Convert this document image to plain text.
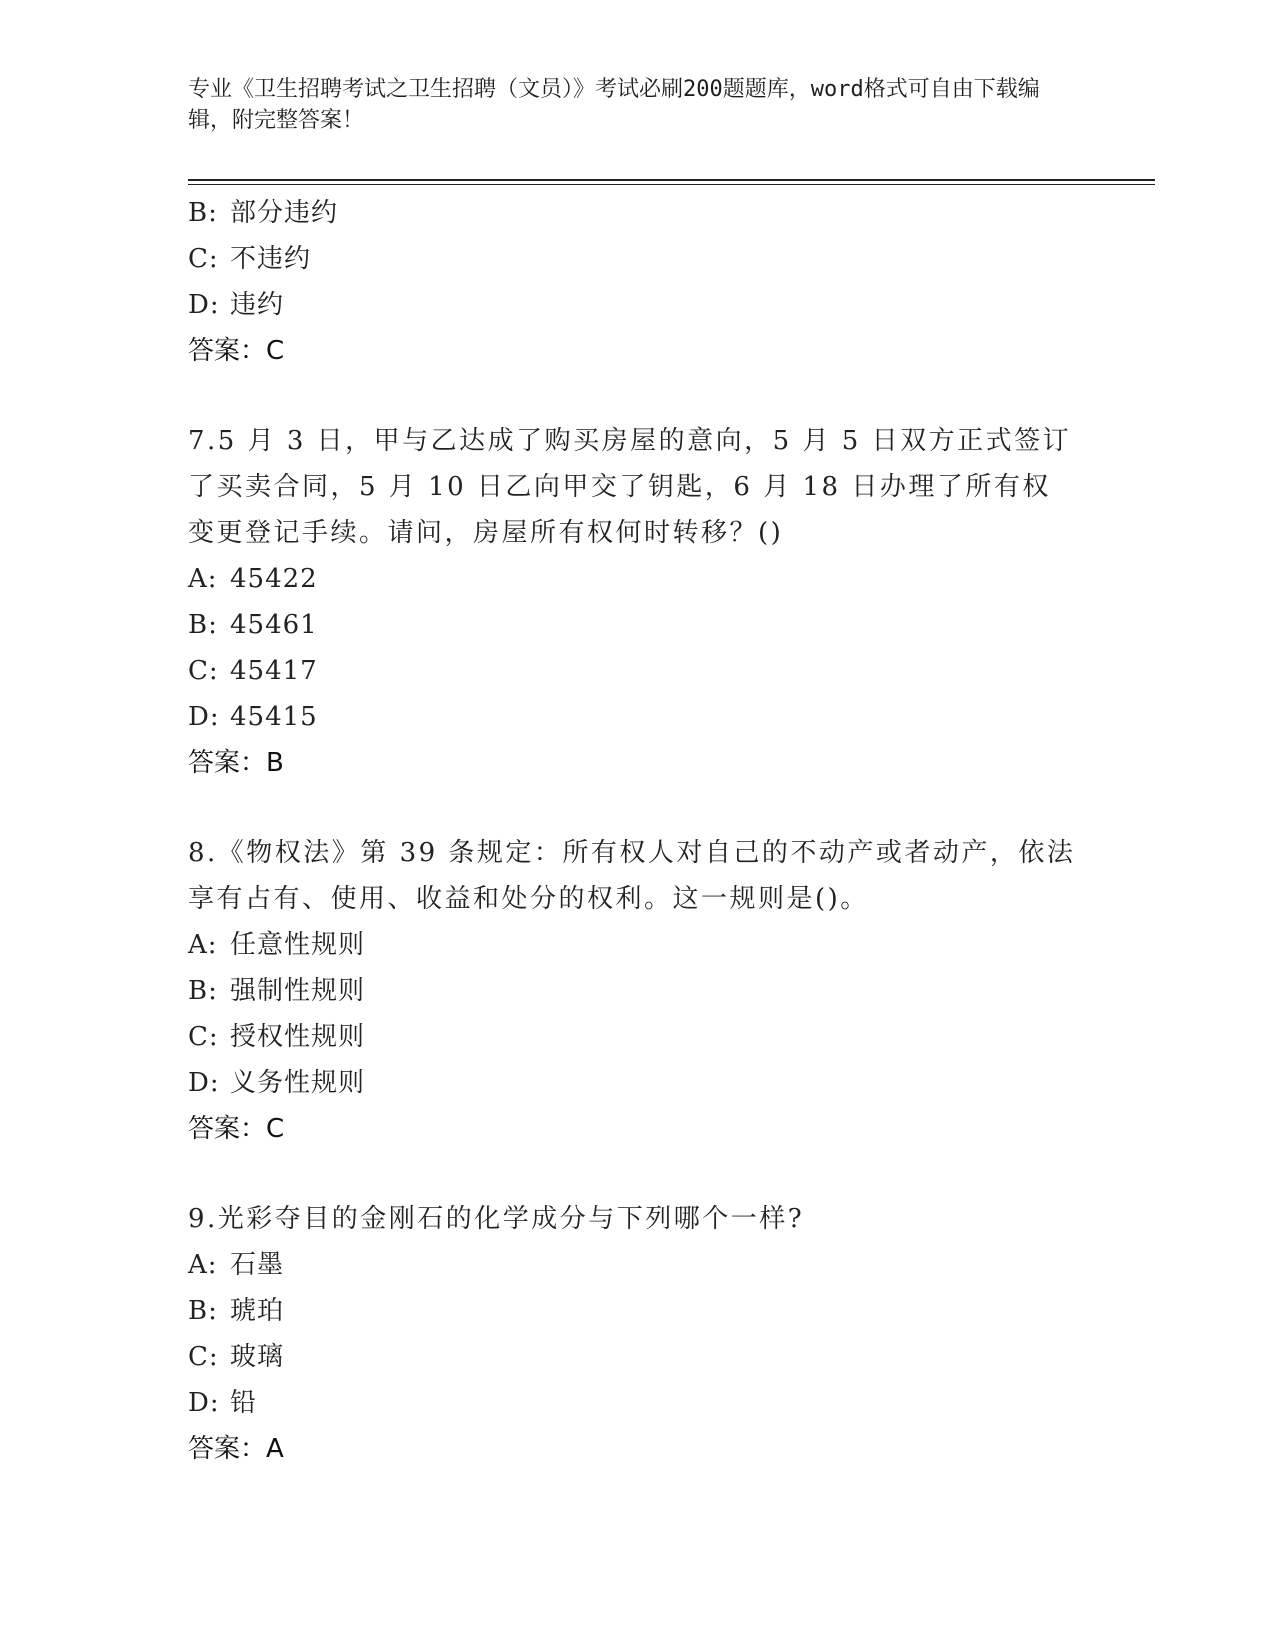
专业《卫生招聘考试之卫生招聘（文员）》考试必刷200题题库，word格式可自由下载编辑，附完整答案！
B: 部分违约
C: 不违约
D: 违约
答案：C
7.5 月 3 日，甲与乙达成了购买房屋的意向，5 月 5 日双方正式签订了买卖合同，5 月 10 日乙向甲交了钥匙，6 月 18 日办理了所有权变更登记手续。请问，房屋所有权何时转移？()
A: 45422
B: 45461
C: 45417
D: 45415
答案：B
8.《物权法》第 39 条规定：所有权人对自己的不动产或者动产，依法享有占有、使用、收益和处分的权利。这一规则是()。
A: 任意性规则
B: 强制性规则
C: 授权性规则
D: 义务性规则
答案：C
9.光彩夺目的金刚石的化学成分与下列哪个一样?
A: 石墨
B: 琥珀
C: 玻璃
D: 铅
答案：A
